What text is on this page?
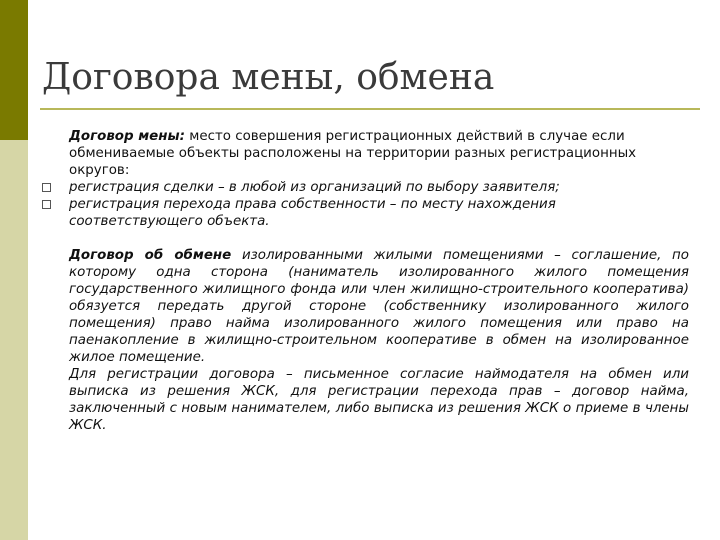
Договора мены, обмена

Договор мены: место совершения регистрационных действий в случае если обмениваемые объекты расположены на территории разных регистрационных округов:

регистрация сделки – в любой из организаций по выбору заявителя;

регистрация перехода права собственности – по месту нахождения соответствующего объекта.

Договор об обмене изолированными жилыми помещениями – соглашение, по которому одна сторона (наниматель изолированного жилого помещения государственного жилищного фонда или член жилищно-строительного кооператива) обязуется передать другой стороне (собственнику изолированного жилого помещения) право найма изолированного жилого помещения или право на паенакопление в жилищно-строительном кооперативе в обмен на изолированное жилое помещение.

Для регистрации договора – письменное согласие наймодателя на обмен или выписка из решения ЖСК, для регистрации перехода прав – договор найма, заключенный с новым нанимателем, либо выписка из решения ЖСК о приеме в члены ЖСК.
